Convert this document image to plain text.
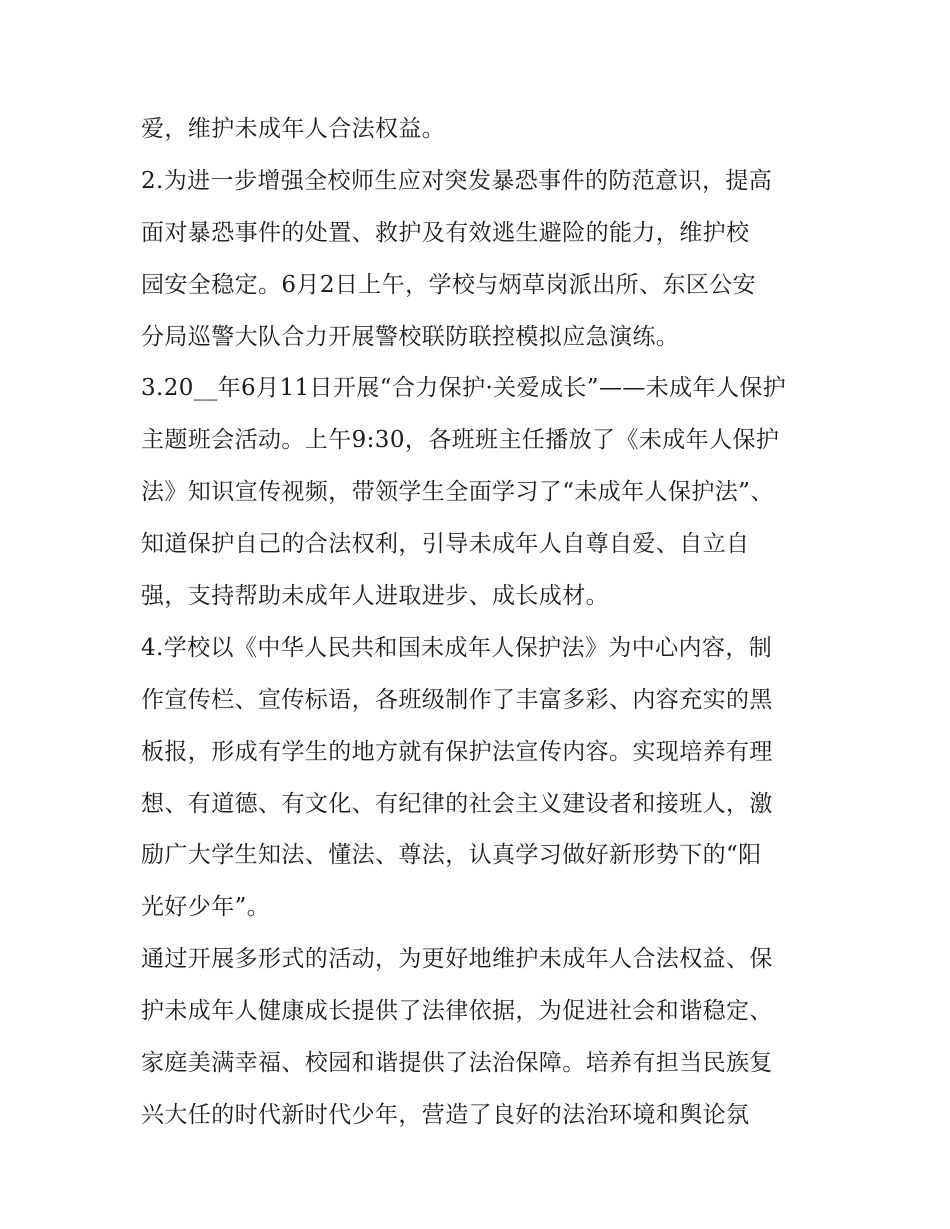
爱，维护未成年人合法权益。
2.为进一步增强全校师生应对突发暴恐事件的防范意识，提高
面对暴恐事件的处置、救护及有效逃生避险的能力，维护校
园安全稳定。6月2日上午，学校与炳草岗派出所、东区公安
分局巡警大队合力开展警校联防联控模拟应急演练。
3.20__年6月11日开展“合力保护·关爱成长”——未成年人保护
主题班会活动。上午9:30，各班班主任播放了《未成年人保护
法》知识宣传视频，带领学生全面学习了“未成年人保护法”、
知道保护自己的合法权利，引导未成年人自尊自爱、自立自
强，支持帮助未成年人进取进步、成长成材。
4.学校以《中华人民共和国未成年人保护法》为中心内容，制
作宣传栏、宣传标语，各班级制作了丰富多彩、内容充实的黑
板报，形成有学生的地方就有保护法宣传内容。实现培养有理
想、有道德、有文化、有纪律的社会主义建设者和接班人，激
励广大学生知法、懂法、尊法，认真学习做好新形势下的“阳
光好少年”。
通过开展多形式的活动，为更好地维护未成年人合法权益、保
护未成年人健康成长提供了法律依据，为促进社会和谐稳定、
家庭美满幸福、校园和谐提供了法治保障。培养有担当民族复
兴大任的时代新时代少年，营造了良好的法治环境和舆论氛
